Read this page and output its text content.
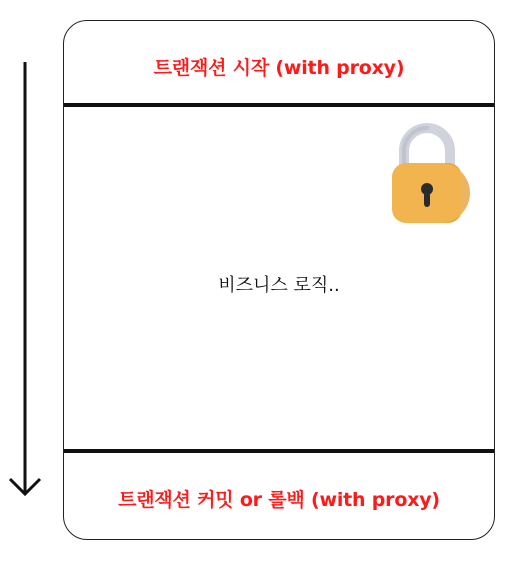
트랜잭션 시작 (with proxy)
비즈니스 로직..
트랜잭션 커밋 or 롤백 (with proxy)
